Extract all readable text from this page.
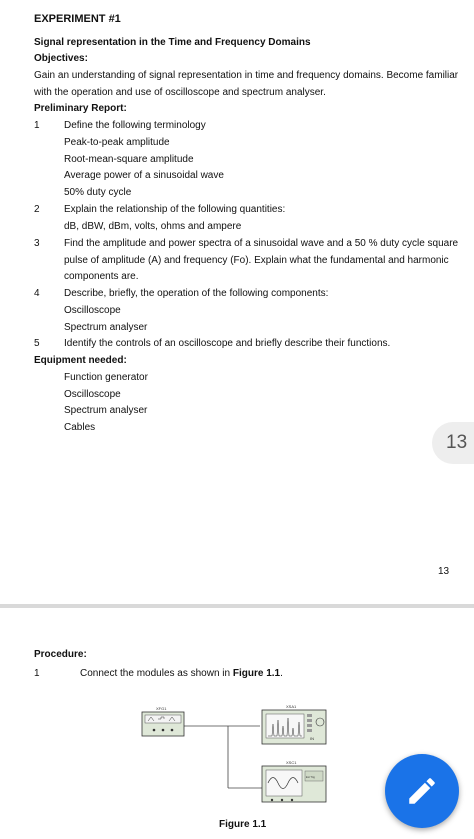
EXPERIMENT #1
Signal representation in the Time and Frequency Domains
Objectives:
Gain an understanding of signal representation in time and frequency domains. Become familiar
with the operation and use of oscilloscope and spectrum analyser.
Preliminary Report:
1 Define the following terminology
Peak-to-peak amplitude
Root-mean-square amplitude
Average power of a sinusoidal wave
50% duty cycle
2 Explain the relationship of the following quantities:
dB, dBW, dBm, volts, ohms and ampere
3 Find the amplitude and power spectra of a sinusoidal wave and a 50 % duty cycle square
pulse of amplitude (A) and frequency (Fo). Explain what the fundamental and harmonic
components are.
4 Describe, briefly, the operation of the following components:
Oscilloscope
Spectrum analyser
5 Identify the controls of an oscilloscope and briefly describe their functions.
Equipment needed:
Function generator
Oscilloscope
Spectrum analyser
Cables
13
13
Procedure:
1	Connect the modules as shown in Figure 1.1.
XFG1	XSA1
IN
XSC1
Ext Trig
Figure 1.1
